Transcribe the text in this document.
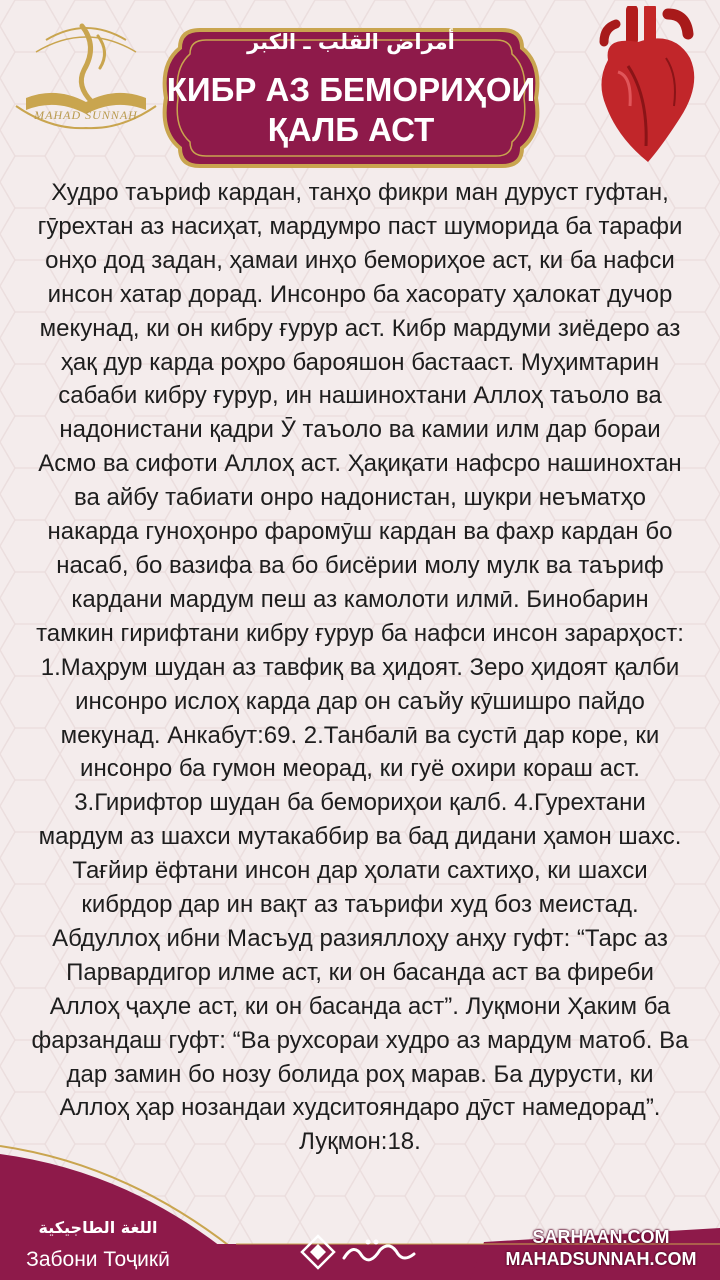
MAHAD SUNNAH
أمراض القلب ـ الكبر
КИБР АЗ БЕМОРИҲОИ
ҚАЛБ АСТ

Худро таъриф кардан, танҳо фикри ман дуруст гуфтан, гӯрехтан аз насиҳат, мардумро паст шуморида ба тарафи онҳо дод задан, ҳамаи инҳо бемориҳое аст, ки ба нафси инсон хатар дорад. Инсонро ба хасорату ҳалокат дучор мекунад, ки он кибру ғурур аст. Кибр мардуми зиёдеро аз ҳақ дур карда роҳро барояшон бастааст. Муҳимтарин сабаби кибру ғурур, ин нашинохтани Аллоҳ таъоло ва надонистани қадри Ӯ таъоло ва камии илм дар бораи Асмо ва сифоти Аллоҳ аст. Ҳақиқати нафсро нашинохтан ва айбу табиати онро надонистан, шукри неъматҳо накарда гуноҳонро фаромӯш кардан ва фахр кардан бо насаб, бо вазифа ва бо бисёрии молу мулк ва таъриф кардани мардум пеш аз камолоти илмӣ. Бинобарин тамкин гирифтани кибру ғурур ба нафси инсон зарарҳост:

1.Маҳрум шудан аз тавфиқ ва ҳидоят. Зеро ҳидоят қалби инсонро ислоҳ карда дар он саъйу кӯшишро пайдо мекунад. Анкабут:69. 2.Танбалӣ ва сустӣ дар коре, ки инсонро ба гумон меорад, ки гуё охири кораш аст. 3.Гирифтор шудан ба бемориҳои қалб. 4.Гурехтани мардум аз шахси мутакаббир ва бад дидани ҳамон шахс. Тағйир ёфтани инсон дар ҳолати сахтиҳо, ки шахси кибрдор дар ин вақт аз таърифи худ боз меистад. Абдуллоҳ ибни Масъуд разияллоҳу анҳу гуфт: “Тарс аз Парвардигор илме аст, ки он басанда аст ва фиреби Аллоҳ ҷаҳле аст, ки он басанда аст”. Луқмони Ҳаким ба фарзандаш гуфт: “Ва рухсораи худро аз мардум матоб. Ва дар замин бо нозу болида роҳ марав. Ба дурусти, ки Аллоҳ ҳар нозандаи худситояндаро дӯст намедорад”. Луқмон:18.

اللغة الطاجيكية
Забони Тоҷикӣ
SARHAAN.COM
MAHADSUNNAH.COM
